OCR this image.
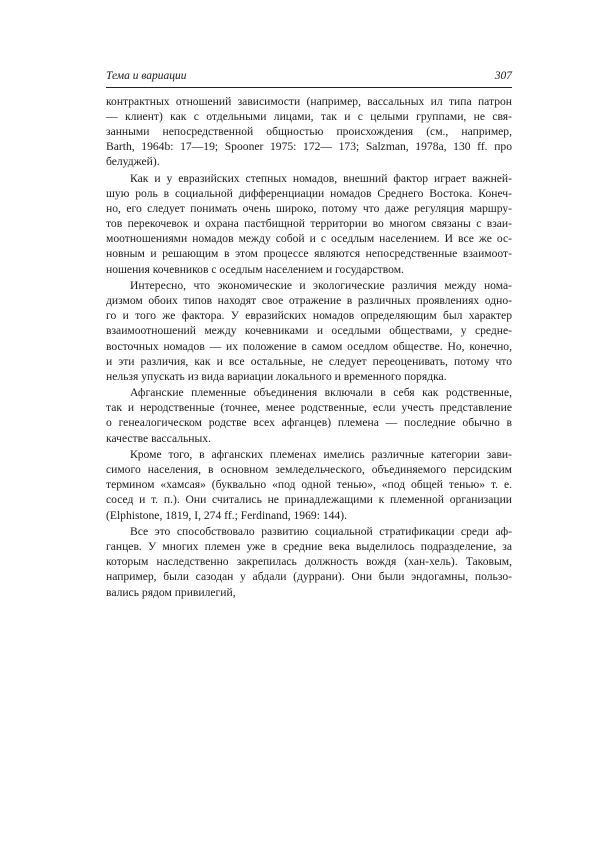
Тема и вариации	307
контрактных отношений зависимости (например, вассальных ил типа патрон
— клиент) как с отдельными лицами, так и с целыми группами, не свя-
занными непосредственной общностью происхождения (см., например,
Barth, 1964b: 17—19; Spooner 1975: 172— 173; Salzman, 1978a, 130 ff. про
белуджей).
Как и у евразийских степных номадов, внешний фактор играет важней-
шую роль в социальной дифференциации номадов Среднего Востока. Конеч-
но, его следует понимать очень широко, потому что даже регуляция маршру-
тов перекочевок и охрана пастбищной территории во многом связаны с взаи-
моотношениями номадов между собой и с оседлым населением. И все же ос-
новным и решающим в этом процессе являются непосредственные взаимоот-
ношения кочевников с оседлым населением и государством.
Интересно, что экономические и экологические различия между нома-
дизмом обоих типов находят свое отражение в различных проявлениях одно-
го и того же фактора. У евразийских номадов определяющим был характер
взаимоотношений между кочевниками и оседлыми обществами, у средне-
восточных номадов — их положение в самом оседлом обществе. Но, конечно,
и эти различия, как и все остальные, не следует переоценивать, потому что
нельзя упускать из вида вариации локального и временного порядка.
Афганские племенные объединения включали в себя как родственные,
так и неродственные (точнее, менее родственные, если учесть представление
о генеалогическом родстве всех афганцев) племена — последние обычно в
качестве вассальных.
Кроме того, в афганских племенах имелись различные категории зави-
симого населения, в основном земледельческого, объединяемого персидским
термином «хамсая» (буквально «под одной тенью», «под общей тенью» т. е.
сосед и т. п.). Они считались не принадлежащими к племенной организации
(Elphistone, 1819, I, 274 ff.; Ferdinand, 1969: 144).
Все это способствовало развитию социальной стратификации среди аф-
ганцев. У многих племен уже в средние века выделилось подразделение, за
которым наследственно закрепилась должность вождя (хан-хель). Таковым,
например, были сазодан у абдали (дуррани). Они были эндогамны, пользо-
вались рядом привилегий,
